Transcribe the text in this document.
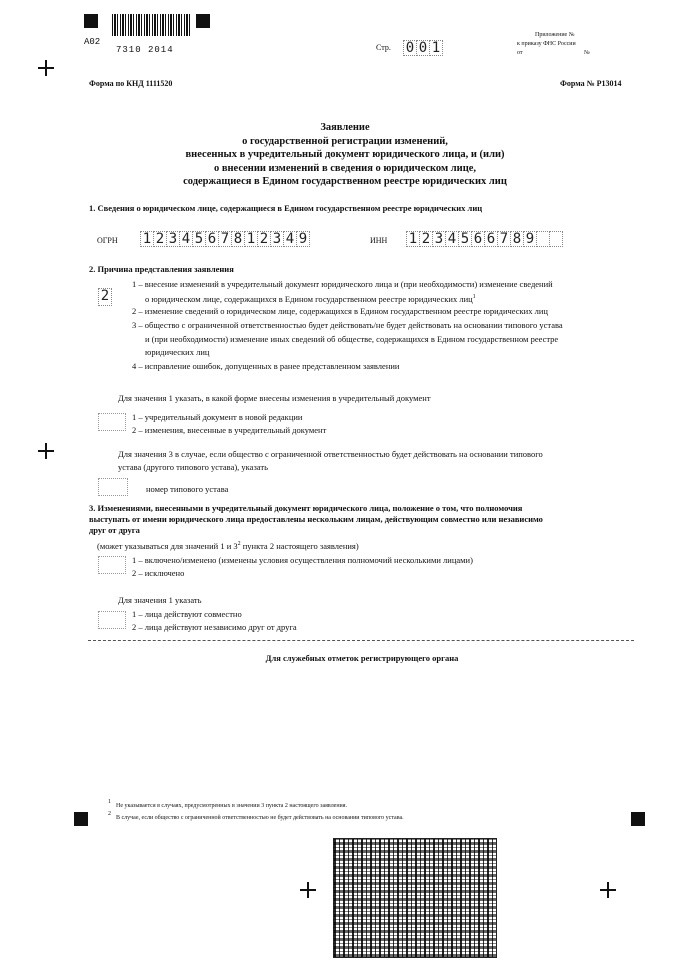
A02
7310 2014	Стр. 0 0 1
Приложение №
к приказу ФНС России
от	№
Форма по КНД 1111520	Форма № Р13014
Заявление
о государственной регистрации изменений,
внесенных в учредительный документ юридического лица, и (или)
о внесении изменений в сведения о юридическом лице,
содержащиеся в Едином государственном реестре юридических лиц
1. Сведения о юридическом лице, содержащиеся в Едином государственном реестре юридических лиц
ОГРН 1 2 3 4 5 6 7 8 1 2 3 4 9	ИНН 1 2 3 4 5 6 6 7 8 9
2. Причина представления заявления
2
1 – внесение изменений в учредительный документ юридического лица и (при необходимости) изменение сведений
о юридическом лице, содержащихся в Едином государственном реестре юридических лиц$^1$
2 – изменение сведений о юридическом лице, содержащихся в Едином государственном реестре юридических лиц
3 – общество с ограниченной ответственностью будет действовать/не будет действовать на основании типового устава
и (при необходимости) изменение иных сведений об обществе, содержащихся в Едином государственном реестре
юридических лиц
4 – исправление ошибок, допущенных в ранее представленном заявлении
Для значения 1 указать, в какой форме внесены изменения в учредительный документ
1 – учредительный документ в новой редакции
2 – изменения, внесенные в учредительный документ
Для значения 3 в случае, если общество с ограниченной ответственностью будет действовать на основании типового
устава (другого типового устава), указать
номер типового устава
3. Изменениями, внесенными в учредительный документ юридического лица, положение о том, что полномочия
выступать от имени юридического лица предоставлены нескольким лицам, действующим совместно или независимо
друг от друга
(может указываться для значений 1 и $3^2$ пункта 2 настоящего заявления)
1 – включено/изменено (изменены условия осуществления полномочий несколькими лицами)
2 – исключено
Для значения 1 указать
1 – лица действуют совместно
2 – лица действуют независимо друг от друга
Для служебных отметок регистрирующего органа
1
Не указывается в случаях, предусмотренных в значении 3 пункта 2 настоящего заявления.
2
В случае, если общество с ограниченной ответственностью не будет действовать на основании типового устава.
